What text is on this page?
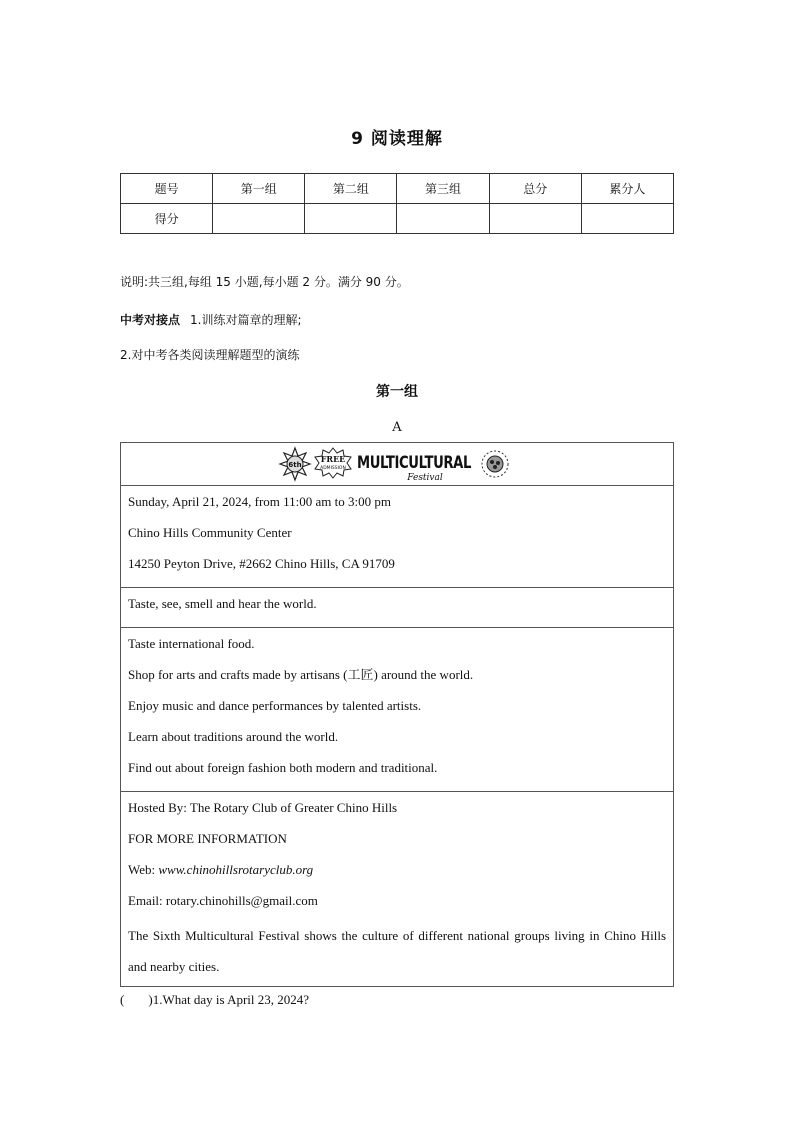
9 阅读理解
题号	第一组	第二组	第三组	总分	累分人
得分					
说明:共三组,每组 15 小题,每小题 2 分。满分 90 分。
中考对接点 1.训练对篇章的理解;
2.对中考各类阅读理解题型的演练
第一组
A
6th
FREE
ADMISSION MULTICULTURAL
Festival
Sunday, April 21, 2024, from 11:00 am to 3:00 pm
Chino Hills Community Center
14250 Peyton Drive, #2662 Chino Hills, CA 91709
Taste, see, smell and hear the world.
Taste international food.
Shop for arts and crafts made by artisans (工匠) around the world.
Enjoy music and dance performances by talented artists.
Learn about traditions around the world.
Find out about foreign fashion both modern and traditional.
Hosted By: The Rotary Club of Greater Chino Hills
FOR MORE INFORMATION
Web: www.chinohillsrotaryclub.org
Email: rotary.chinohills@gmail.com
The Sixth Multicultural Festival shows the culture of different national groups living in Chino Hills and nearby cities.
( )1.What day is April 23, 2024?
